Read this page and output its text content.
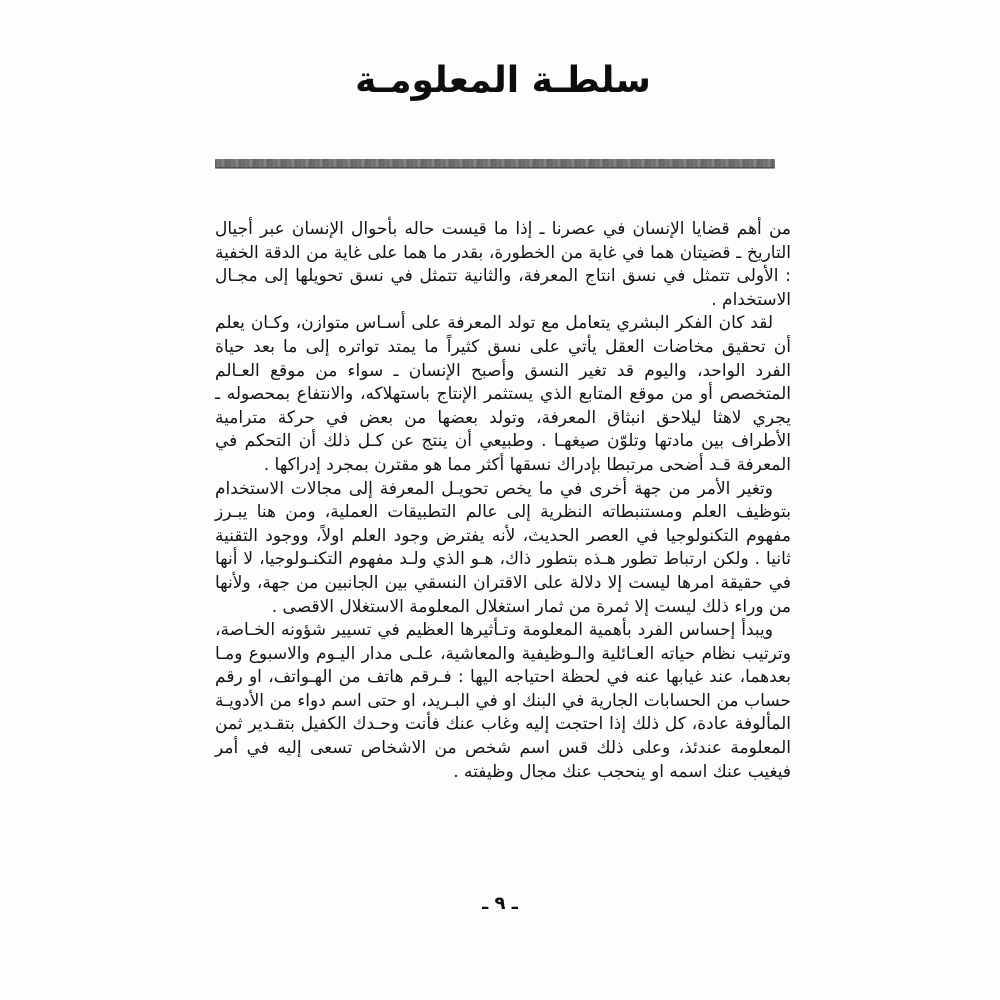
سلطـة المعلومـة

من أهم قضايا الإنسان في عصرنا ـ إذا ما قيست حاله بأحوال الإنسان عبر أجيال التاريخ ـ قضيتان هما في غاية من الخطورة، بقدر ما هما على غاية من الدقة الخفية : الأولى تتمثل في نسق انتاج المعرفة، والثانية تتمثل في نسق تحويلها إلى مجـال الاستخدام .

لقد كان الفكر البشري يتعامل مع تولد المعرفة على أسـاس متوازن، وكـان يعلم أن تحقيق مخاضات العقل يأتي على نسق كثيراً ما يمتد تواتره إلى ما بعد حياة الفرد الواحد، واليوم قد تغير النسق وأصبح الإنسان ـ سواء من موقع العـالم المتخصص أو من موقع المتابع الذي يستثمر الإنتاج باستهلاكه، والانتفاع بمحصوله ـ يجري لاهثا ليلاحق انبثاق المعرفة، وتولد بعضها من بعض في حركة مترامية الأطراف بين مادتها وتلوّن صيغهـا . وطبيعي أن ينتج عن كـل ذلك أن التحكم في المعرفة قـد أضحى مرتبطا بإدراك نسقها أكثر مما هو مقترن بمجرد إدراكها .

وتغير الأمر من جهة أخرى في ما يخص تحويـل المعرفة إلى مجالات الاستخدام بتوظيف العلم ومستنبطاته النظرية إلى عالم التطبيقات العملية، ومن هنا يبـرز مفهوم التكنولوجيا في العصر الحديث، لأنه يفترض وجود العلم اولاً، ووجود التقنية ثانيا . ولكن ارتباط تطور هـذه بتطور ذاك، هـو الذي ولـد مفهوم التكنـولوجيا، لا أنها في حقيقة امرها ليست إلا دلالة على الاقتران النسقي بين الجانبين من جهة، ولأنها من وراء ذلك ليست إلا ثمرة من ثمار استغلال المعلومة الاستغلال الاقصى .

ويبدأ إحساس الفرد بأهمية المعلومة وتـأثيرها العظيم في تسيير شؤونه الخـاصة، وترتيب نظام حياته العـائلية والـوظيفية والمعاشية، علـى مدار اليـوم والاسبوع ومـا بعدهما، عند غيابها عنه في لحظة احتياجه اليها : فـرقم هاتف من الهـواتف، او رقم حساب من الحسابات الجارية في البنك او في البـريد، او حتى اسم دواء من الأدويـة المألوفة عادة، كل ذلك إذا احتجت إليه وغاب عنك فأنت وحـدك الكفيل بتقـدير ثمن المعلومة عندئذ، وعلى ذلك قس اسم شخص من الاشخاص تسعى إليه في أمر فيغيب عنك اسمه او ينحجب عنك مجال وظيفته .

ـ ٩ ـ
